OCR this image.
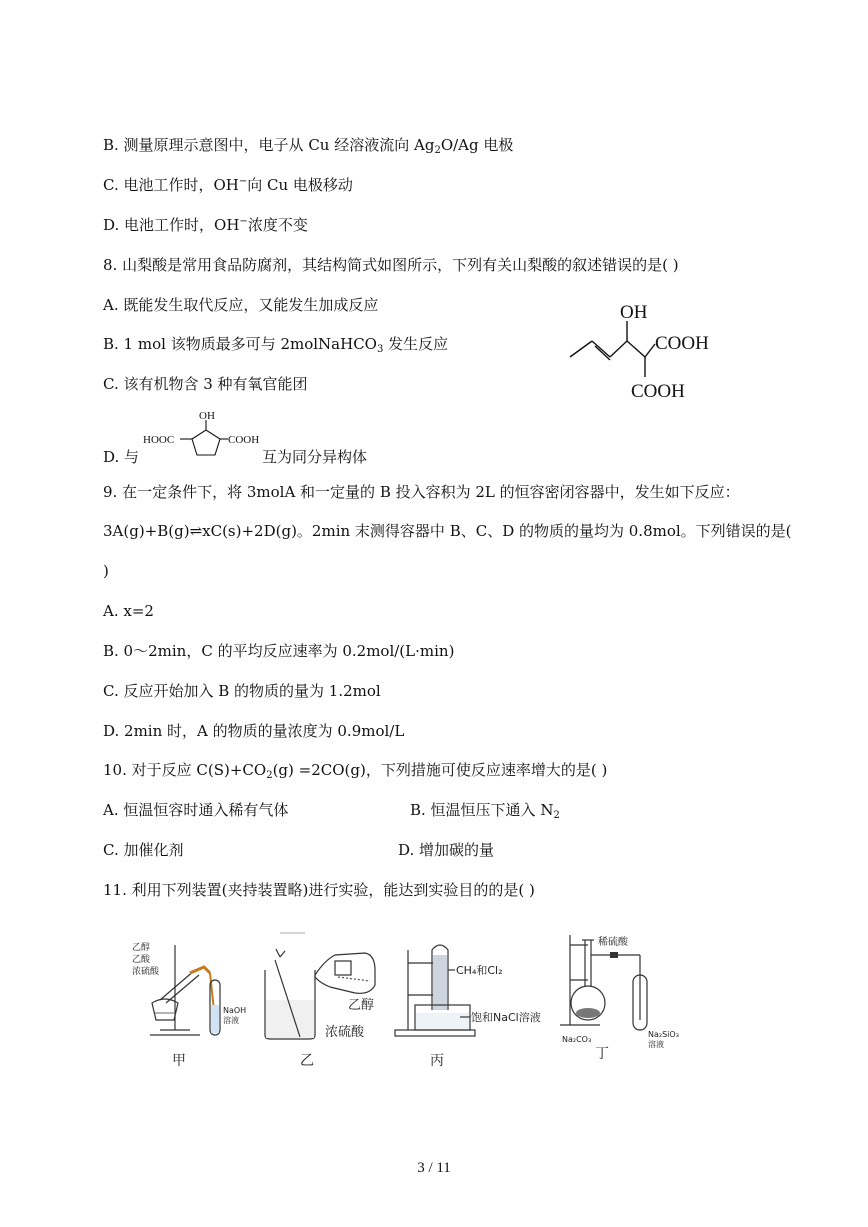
B. 测量原理示意图中，电子从 Cu 经溶液流向 $Ag_2O/Ag$ 电极
C. 电池工作时，OH−向 Cu 电极移动
D. 电池工作时，OH−浓度不变
8. 山梨酸是常用食品防腐剂，其结构简式如图所示，下列有关山梨酸的叙述错误的是( )
A. 既能发生取代反应，又能发生加成反应
B. 1 mol 该物质最多可与 2molNaHCO$_3$ 发生反应
C. 该有机物含 3 种有氧官能团
D. 与	互为同分异构体
OH
COOH
COOH
OH
HOOC	COOH
9. 在一定条件下，将 3molA 和一定量的 B 投入容积为 2L 的恒容密闭容器中，发生如下反应：
3A(g)+B(g)⇌xC(s)+2D(g)。2min 末测得容器中 B、C、D 的物质的量均为 0.8mol。下列错误的是(
)
A. x=2
B. 0～2min，C 的平均反应速率为 0.2mol/(L·min)
C. 反应开始加入 B 的物质的量为 1.2mol
D. 2min 时，A 的物质的量浓度为 0.9mol/L
10. 对于反应 $C(S)+CO_2(g) =2CO(g)$，下列措施可使反应速率增大的是( )
A. 恒温恒容时通入稀有气体	B. 恒温恒压下通入 $N_2$
C. 加催化剂	D. 增加碳的量
11. 利用下列装置(夹持装置略)进行实验，能达到实验目的的是( )
乙醇
乙酸
浓硫酸
NaOH
溶液
甲
乙醇
浓硫酸
乙
CH₄和Cl₂
饱和NaCl溶液
丙
稀硫酸
Na₂CO₃
Na₂SiO₃
溶液
丁
3 / 11
